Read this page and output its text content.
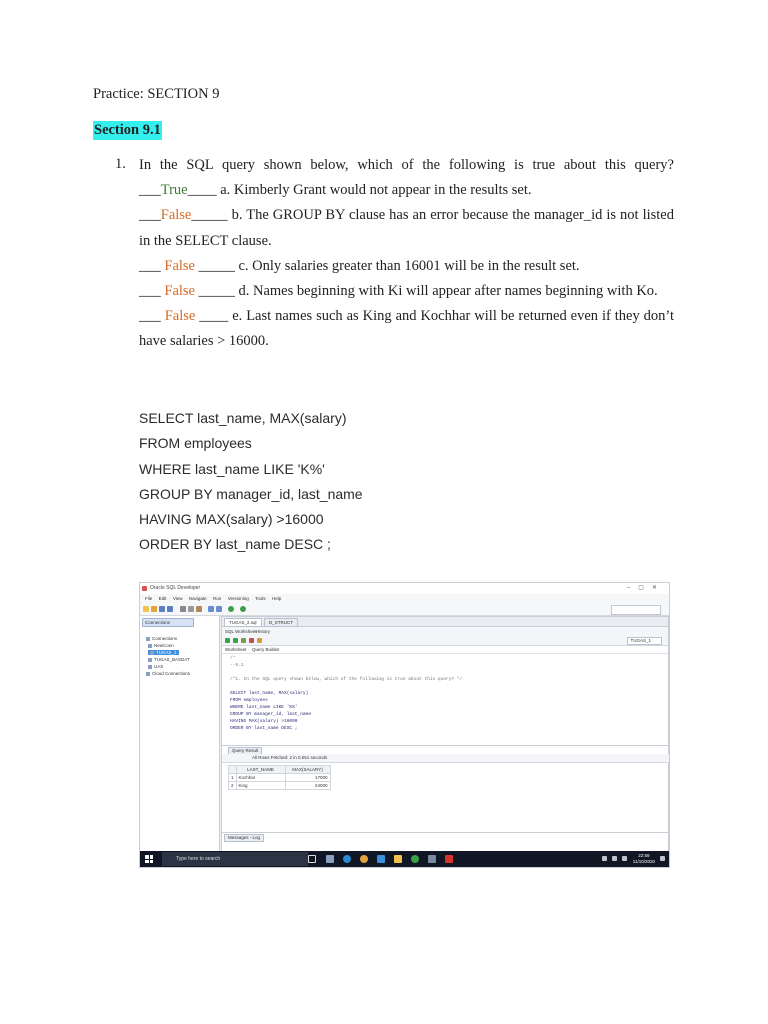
Practice: SECTION 9
Section 9.1
1. In the SQL query shown below, which of the following is true about this query?

___True____ a. Kimberly Grant would not appear in the results set.

___False_____ b. The GROUP BY clause has an error because the manager_id is not listed in the SELECT clause.

___ False _____ c. Only salaries greater than 16001 will be in the result set.

___ False _____ d. Names beginning with Ki will appear after names beginning with Ko.

___ False ____ e. Last names such as King and Kochhar will be returned even if they don’t have salaries > 16000.

SELECT last_name, MAX(salary)
FROM employees
WHERE last_name LIKE 'K%'
GROUP BY manager_id, last_name
HAVING MAX(salary) >16000
ORDER BY last_name DESC ;
Oracle SQL Developer	–▢✕
File Edit View Navigate Run Versioning Tools Help
Connections
Connections
NewConn
TUGAS_1
TUGAS_BASDAT
UAS
Cloud Connections
TUGAS_2.sql	D_STRUCT
SQL Worksheet History
TUGAS_1
Worksheet Query Builder
/*
--9.1

/*1. In the SQL query shown below, which of the following is true about this query? */

SELECT last_name, MAX(salary)
FROM employees
WHERE last_name LIKE 'K%'
GROUP BY manager_id, last_name
HAVING MAX(salary) >16000
ORDER BY last_name DESC ;
Query Result
All Rows Fetched: 2 in 0.051 seconds
	LAST_NAME	MAX(SALARY)
1	Kochhar	17000
2	King	24000
Messages - Log
Type here to search
22:59
11/10/2020
